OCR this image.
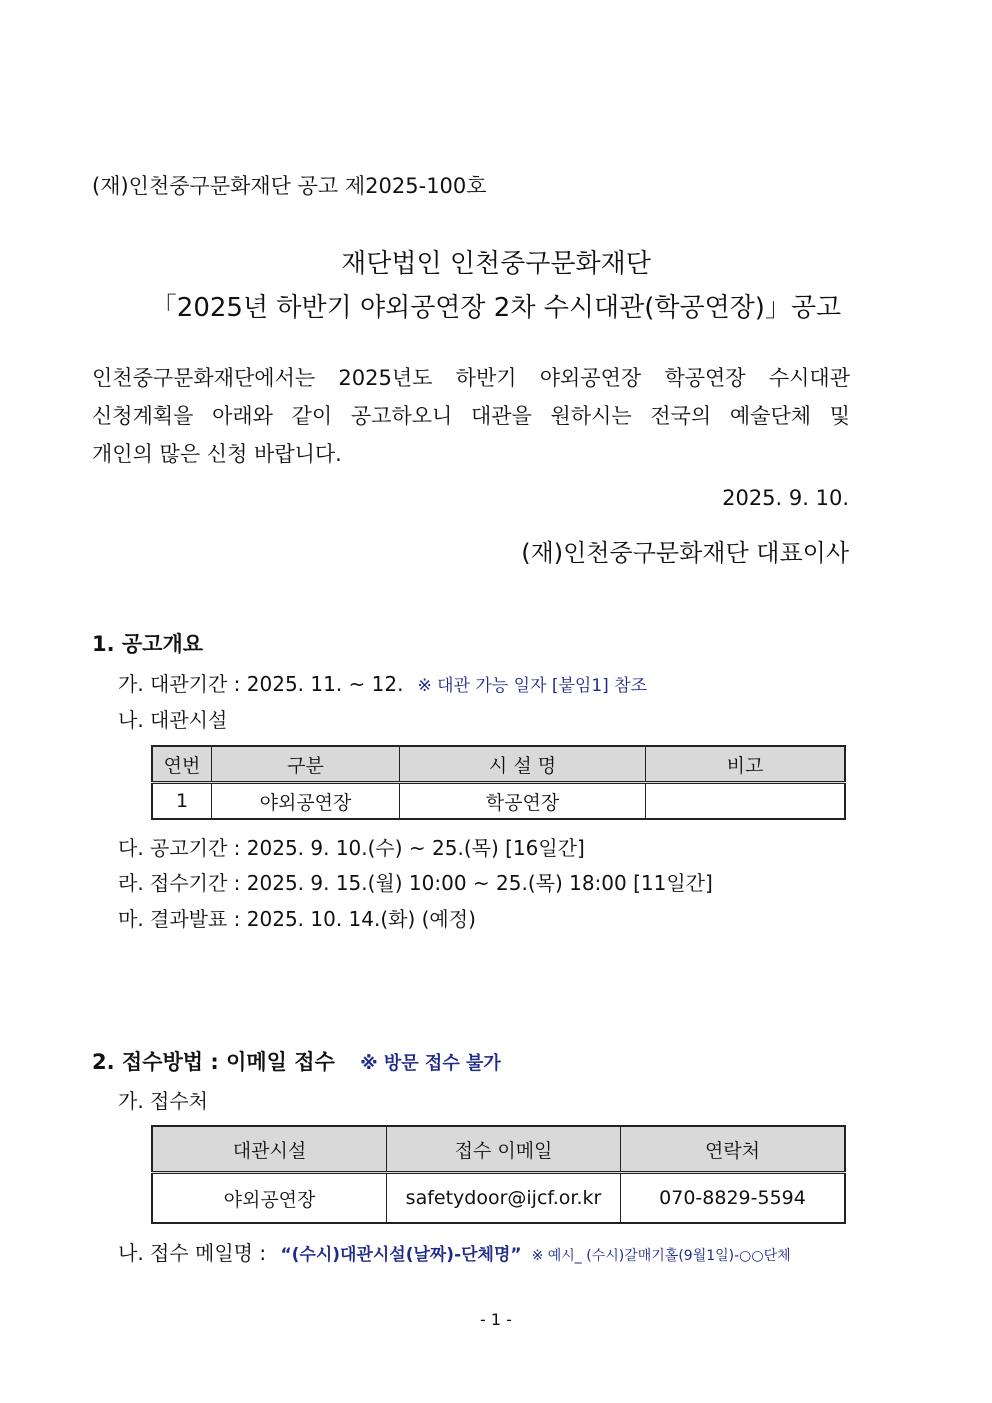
(재)인천중구문화재단 공고 제2025-100호
재단법인 인천중구문화재단
「2025년 하반기 야외공연장 2차 수시대관(학공연장)」공고
인천중구문화재단에서는 2025년도 하반기 야외공연장 학공연장 수시대관
신청계획을 아래와 같이 공고하오니 대관을 원하시는 전국의 예술단체 및
개인의 많은 신청 바랍니다.
2025. 9. 10.
(재)인천중구문화재단 대표이사
1. 공고개요
가. 대관기간 : 2025. 11. ~ 12. ※ 대관 가능 일자 [붙임1] 참조
나. 대관시설
연번	구분	시 설 명	비고
1	야외공연장	학공연장	
다. 공고기간 : 2025. 9. 10.(수) ~ 25.(목) [16일간]
라. 접수기간 : 2025. 9. 15.(월) 10:00 ~ 25.(목) 18:00 [11일간]
마. 결과발표 : 2025. 10. 14.(화) (예정)
2. 접수방법 : 이메일 접수 ※ 방문 접수 불가
가. 접수처
대관시설	접수 이메일	연락처
야외공연장	safetydoor@ijcf.or.kr	070-8829-5594
나. 접수 메일명 : “(수시)대관시설(날짜)-단체명” ※ 예시_ (수시)갈매기홀(9월1일)-○○단체
- 1 -
